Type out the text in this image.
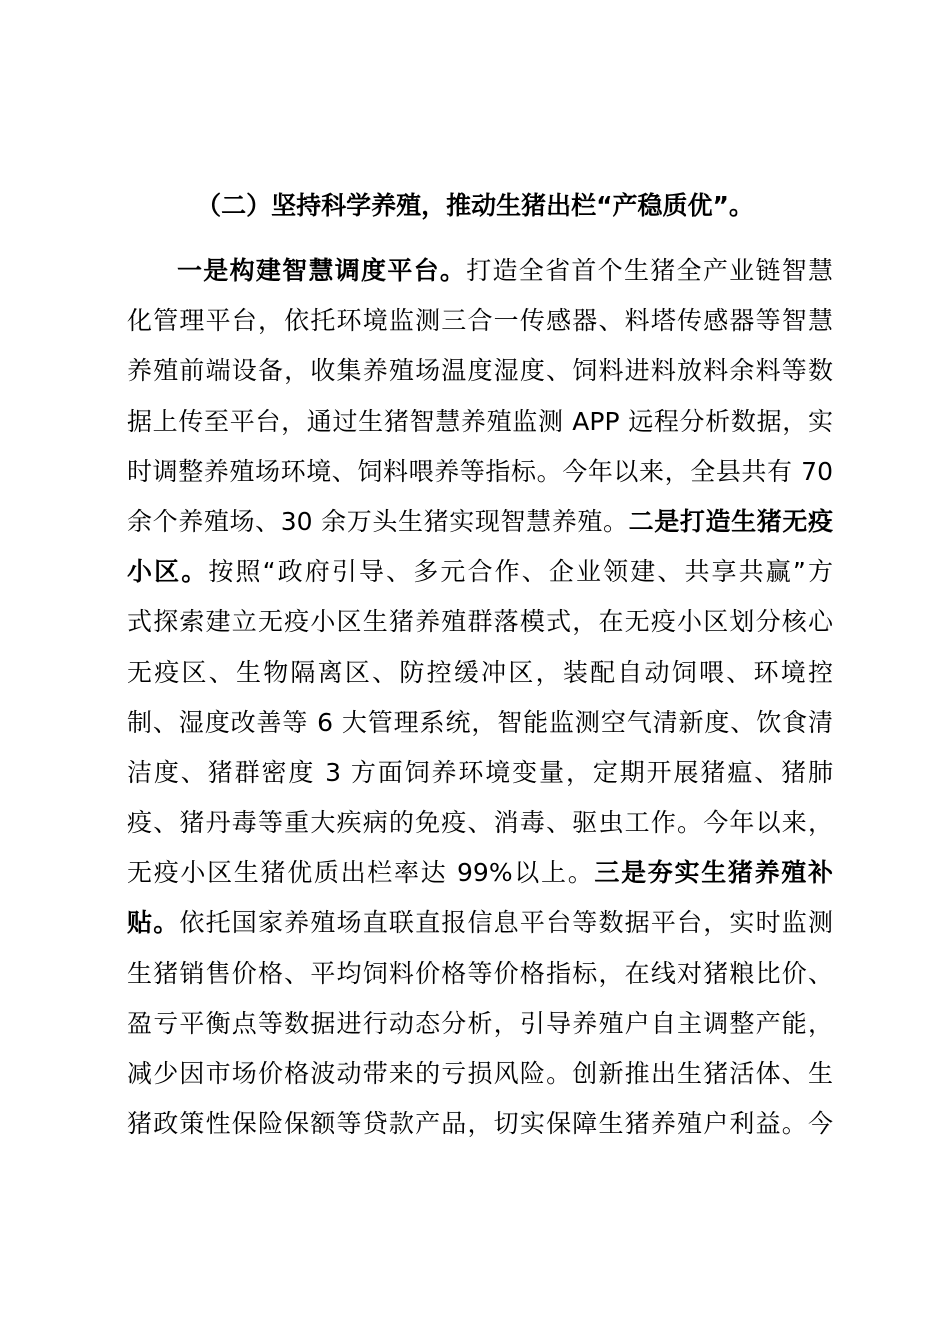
（二）坚持科学养殖，推动生猪出栏“产稳质优”。
一是构建智慧调度平台。打造全省首个生猪全产业链智慧
化管理平台，依托环境监测三合一传感器、料塔传感器等智慧
养殖前端设备，收集养殖场温度湿度、饲料进料放料余料等数
据上传至平台，通过生猪智慧养殖监测 APP 远程分析数据，实
时调整养殖场环境、饲料喂养等指标。今年以来，全县共有 70
余个养殖场、30 余万头生猪实现智慧养殖。二是打造生猪无疫
小区。按照“政府引导、多元合作、企业领建、共享共赢”方
式探索建立无疫小区生猪养殖群落模式，在无疫小区划分核心
无疫区、生物隔离区、防控缓冲区，装配自动饲喂、环境控
制、湿度改善等 6 大管理系统，智能监测空气清新度、饮食清
洁度、猪群密度 3 方面饲养环境变量，定期开展猪瘟、猪肺
疫、猪丹毒等重大疾病的免疫、消毒、驱虫工作。今年以来，
无疫小区生猪优质出栏率达 99%以上。三是夯实生猪养殖补
贴。依托国家养殖场直联直报信息平台等数据平台，实时监测
生猪销售价格、平均饲料价格等价格指标，在线对猪粮比价、
盈亏平衡点等数据进行动态分析，引导养殖户自主调整产能，
减少因市场价格波动带来的亏损风险。创新推出生猪活体、生
猪政策性保险保额等贷款产品，切实保障生猪养殖户利益。今
